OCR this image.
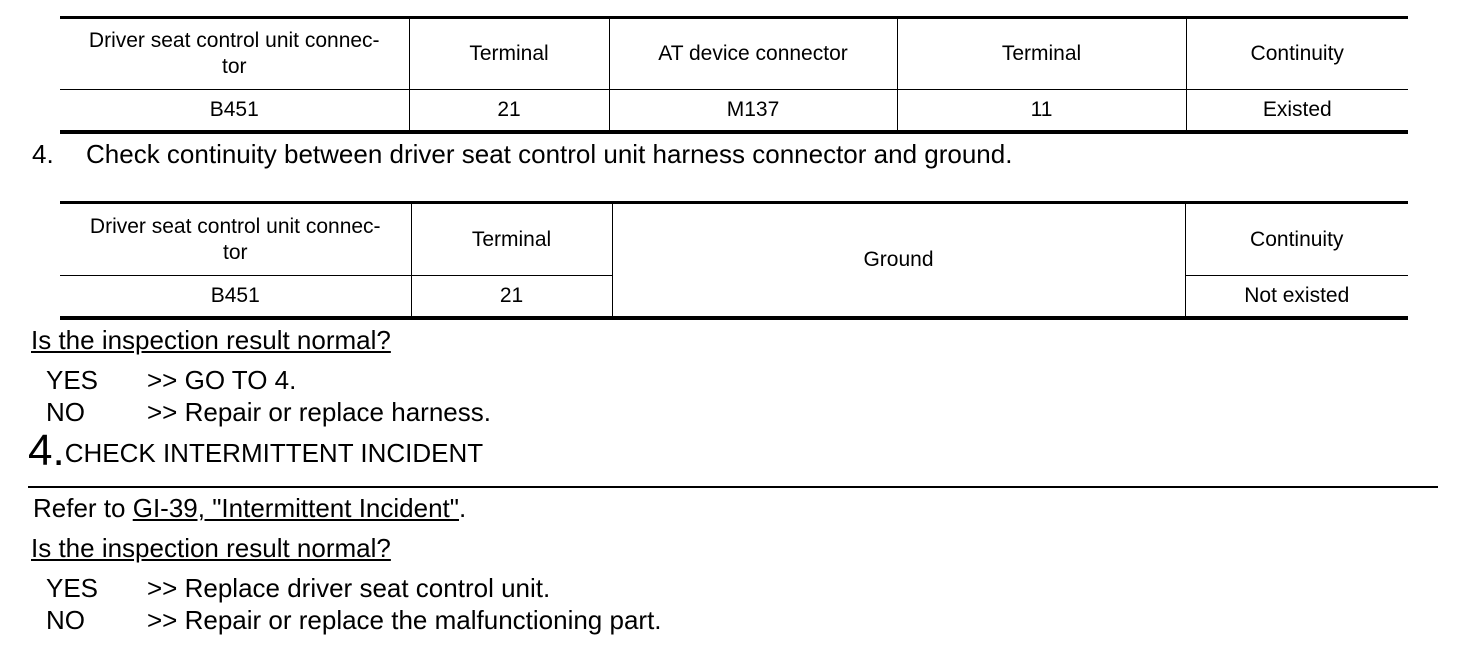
Driver seat control unit connec-
tor	Terminal	AT device connector	Terminal	Continuity
B451	21	M137	11	Existed
4. Check continuity between driver seat control unit harness connector and ground.
Driver seat control unit connec-
tor	Terminal	Ground	Continuity
B451	21		Not existed
Is the inspection result normal?
YES >> GO TO 4.
NO >> Repair or replace harness.
4.CHECK INTERMITTENT INCIDENT
Refer to GI-39, "Intermittent Incident".
Is the inspection result normal?
YES >> Replace driver seat control unit.
NO >> Repair or replace the malfunctioning part.
